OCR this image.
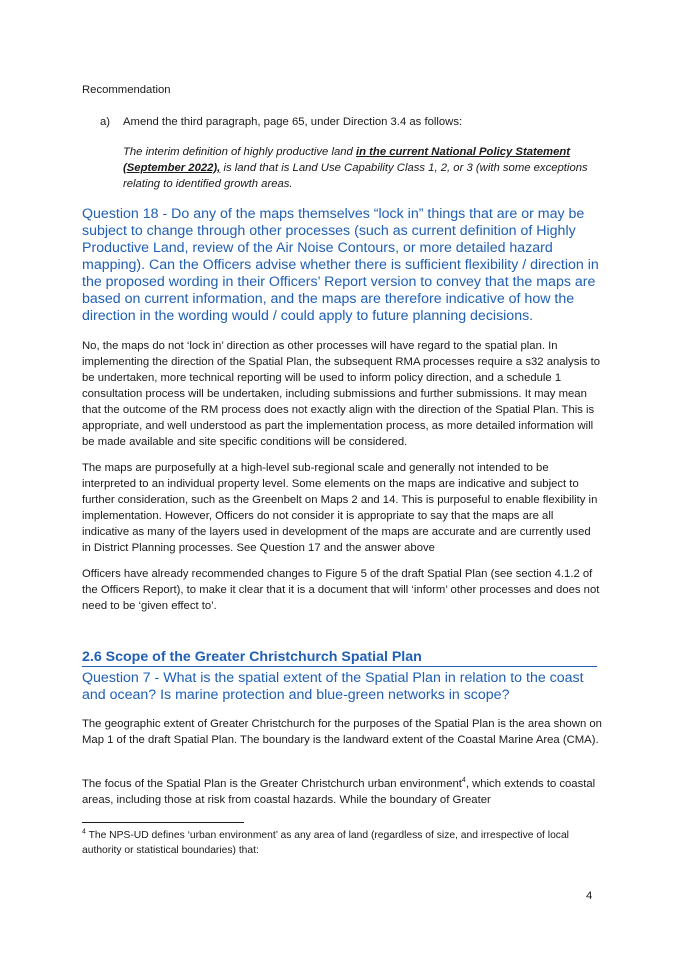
Recommendation
a)	Amend the third paragraph, page 65, under Direction 3.4 as follows:
The interim definition of highly productive land in the current National Policy Statement (September 2022), is land that is Land Use Capability Class 1, 2, or 3 (with some exceptions relating to identified growth areas.
Question 18 - Do any of the maps themselves “lock in” things that are or may be subject to change through other processes (such as current definition of Highly Productive Land, review of the Air Noise Contours, or more detailed hazard mapping). Can the Officers advise whether there is sufficient flexibility / direction in the proposed wording in their Officers’ Report version to convey that the maps are based on current information, and the maps are therefore indicative of how the direction in the wording would / could apply to future planning decisions.
No, the maps do not ‘lock in’ direction as other processes will have regard to the spatial plan. In implementing the direction of the Spatial Plan, the subsequent RMA processes require a s32 analysis to be undertaken, more technical reporting will be used to inform policy direction, and a schedule 1 consultation process will be undertaken, including submissions and further submissions. It may mean that the outcome of the RM process does not exactly align with the direction of the Spatial Plan. This is appropriate, and well understood as part the implementation process, as more detailed information will be made available and site specific conditions will be considered.
The maps are purposefully at a high-level sub-regional scale and generally not intended to be interpreted to an individual property level. Some elements on the maps are indicative and subject to further consideration, such as the Greenbelt on Maps 2 and 14. This is purposeful to enable flexibility in implementation. However, Officers do not consider it is appropriate to say that the maps are all indicative as many of the layers used in development of the maps are accurate and are currently used in District Planning processes. See Question 17 and the answer above
Officers have already recommended changes to Figure 5 of the draft Spatial Plan (see section 4.1.2 of the Officers Report), to make it clear that it is a document that will ‘inform’ other processes and does not need to be ‘given effect to’.
2.6 Scope of the Greater Christchurch Spatial Plan
Question 7 - What is the spatial extent of the Spatial Plan in relation to the coast and ocean? Is marine protection and blue-green networks in scope?
The geographic extent of Greater Christchurch for the purposes of the Spatial Plan is the area shown on Map 1 of the draft Spatial Plan. The boundary is the landward extent of the Coastal Marine Area (CMA).
The focus of the Spatial Plan is the Greater Christchurch urban environment$^4$, which extends to coastal areas, including those at risk from coastal hazards. While the boundary of Greater
$^4$ The NPS-UD defines ‘urban environment’ as any area of land (regardless of size, and irrespective of local authority or statistical boundaries) that:
4
